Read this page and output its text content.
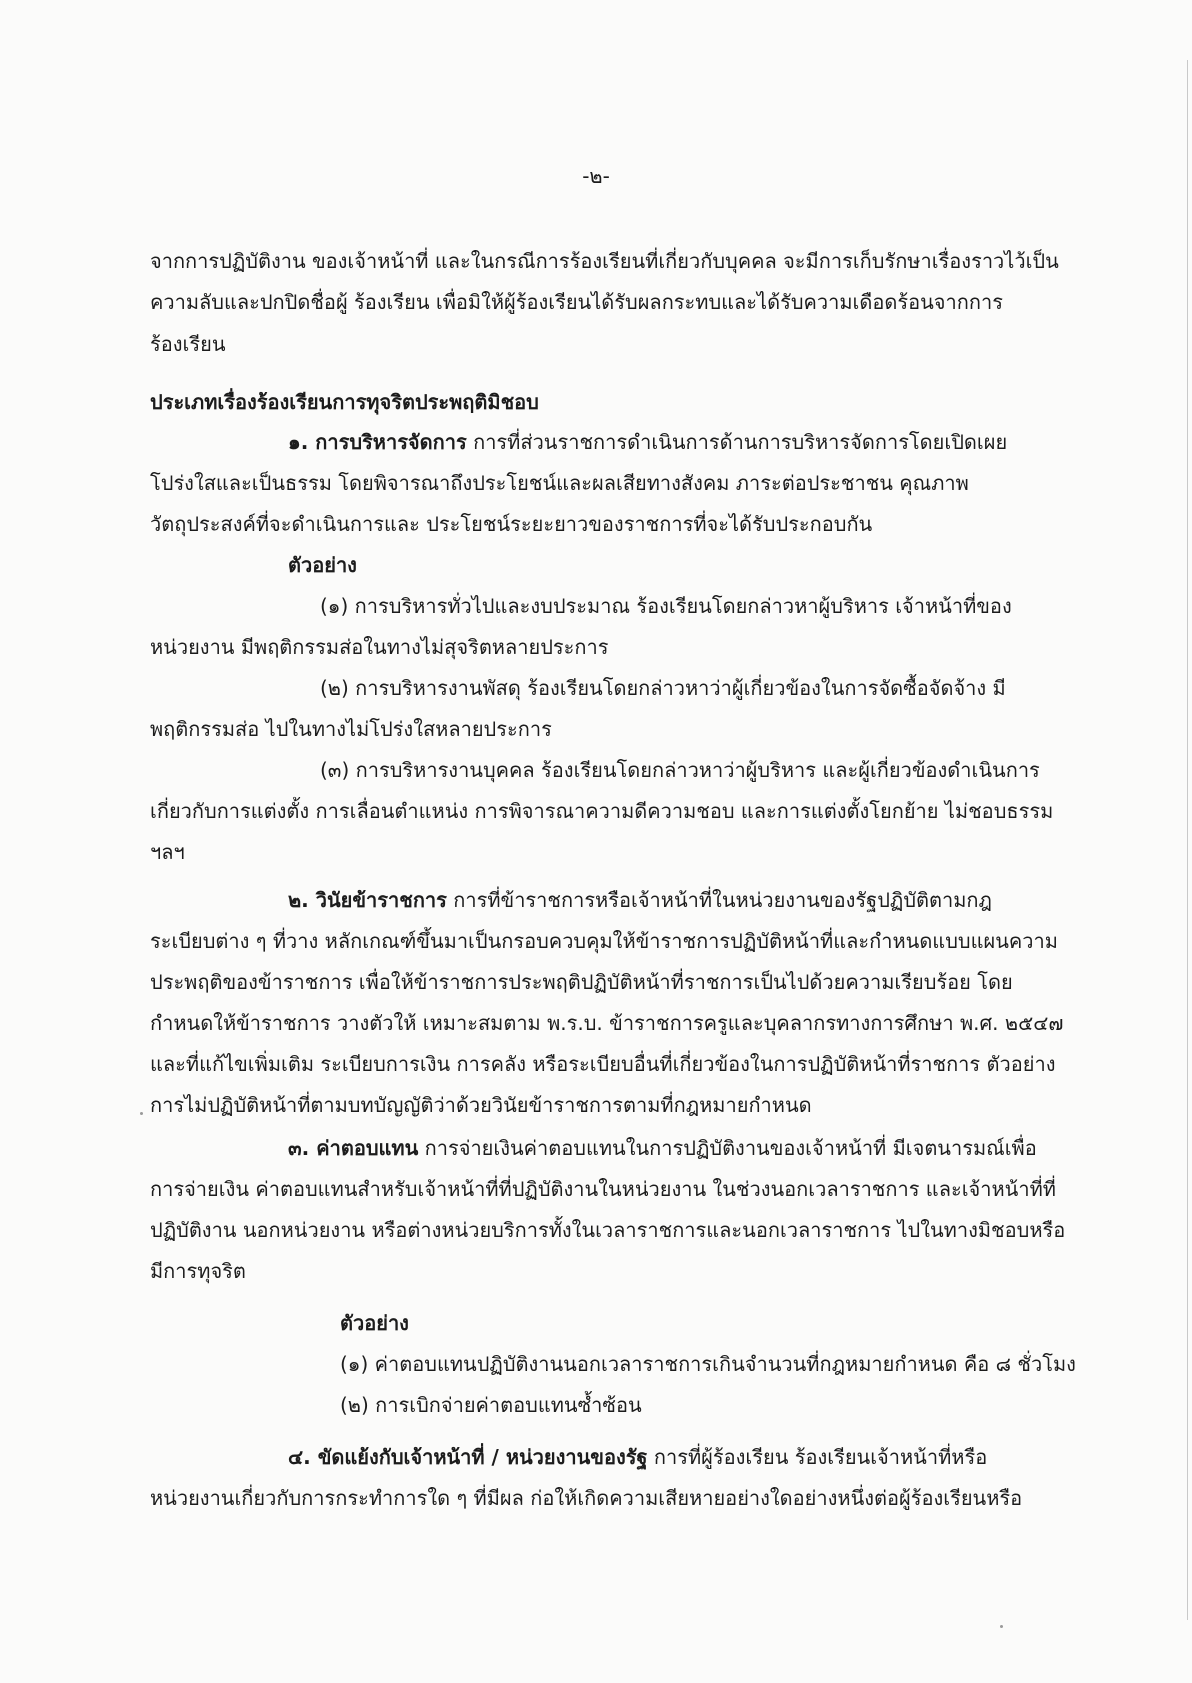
-๒-
จากการปฏิบัติงาน ของเจ้าหน้าที่ และในกรณีการร้องเรียนที่เกี่ยวกับบุคคล จะมีการเก็บรักษาเรื่องราวไว้เป็น
ความลับและปกปิดชื่อผู้ ร้องเรียน เพื่อมิให้ผู้ร้องเรียนได้รับผลกระทบและได้รับความเดือดร้อนจากการ
ร้องเรียน
ประเภทเรื่องร้องเรียนการทุจริตประพฤติมิชอบ
๑. การบริหารจัดการ การที่ส่วนราชการดำเนินการด้านการบริหารจัดการโดยเปิดเผย
โปร่งใสและเป็นธรรม โดยพิจารณาถึงประโยชน์และผลเสียทางสังคม ภาระต่อประชาชน คุณภาพ
วัตถุประสงค์ที่จะดำเนินการและ ประโยชน์ระยะยาวของราชการที่จะได้รับประกอบกัน
ตัวอย่าง
(๑) การบริหารทั่วไปและงบประมาณ ร้องเรียนโดยกล่าวหาผู้บริหาร เจ้าหน้าที่ของ
หน่วยงาน มีพฤติกรรมส่อในทางไม่สุจริตหลายประการ
(๒) การบริหารงานพัสดุ ร้องเรียนโดยกล่าวหาว่าผู้เกี่ยวข้องในการจัดซื้อจัดจ้าง มี
พฤติกรรมส่อ ไปในทางไม่โปร่งใสหลายประการ
(๓) การบริหารงานบุคคล ร้องเรียนโดยกล่าวหาว่าผู้บริหาร และผู้เกี่ยวข้องดำเนินการ
เกี่ยวกับการแต่งตั้ง การเลื่อนตำแหน่ง การพิจารณาความดีความชอบ และการแต่งตั้งโยกย้าย ไม่ชอบธรรม
ฯลฯ
๒. วินัยข้าราชการ การที่ข้าราชการหรือเจ้าหน้าที่ในหน่วยงานของรัฐปฏิบัติตามกฎ
ระเบียบต่าง ๆ ที่วาง หลักเกณฑ์ขึ้นมาเป็นกรอบควบคุมให้ข้าราชการปฏิบัติหน้าที่และกำหนดแบบแผนความ
ประพฤติของข้าราชการ เพื่อให้ข้าราชการประพฤติปฏิบัติหน้าที่ราชการเป็นไปด้วยความเรียบร้อย โดย
กำหนดให้ข้าราชการ วางตัวให้ เหมาะสมตาม พ.ร.บ. ข้าราชการครูและบุคลากรทางการศึกษา พ.ศ. ๒๕๔๗
และที่แก้ไขเพิ่มเติม ระเบียบการเงิน การคลัง หรือระเบียบอื่นที่เกี่ยวข้องในการปฏิบัติหน้าที่ราชการ ตัวอย่าง
การไม่ปฏิบัติหน้าที่ตามบทบัญญัติว่าด้วยวินัยข้าราชการตามที่กฎหมายกำหนด
๓. ค่าตอบแทน การจ่ายเงินค่าตอบแทนในการปฏิบัติงานของเจ้าหน้าที่ มีเจตนารมณ์เพื่อ
การจ่ายเงิน ค่าตอบแทนสำหรับเจ้าหน้าที่ที่ปฏิบัติงานในหน่วยงาน ในช่วงนอกเวลาราชการ และเจ้าหน้าที่ที่
ปฏิบัติงาน นอกหน่วยงาน หรือต่างหน่วยบริการทั้งในเวลาราชการและนอกเวลาราชการ ไปในทางมิชอบหรือ
มีการทุจริต
ตัวอย่าง
(๑) ค่าตอบแทนปฏิบัติงานนอกเวลาราชการเกินจำนวนที่กฎหมายกำหนด คือ ๘ ชั่วโมง
(๒) การเบิกจ่ายค่าตอบแทนซ้ำซ้อน
๔. ขัดแย้งกับเจ้าหน้าที่ / หน่วยงานของรัฐ การที่ผู้ร้องเรียน ร้องเรียนเจ้าหน้าที่หรือ
หน่วยงานเกี่ยวกับการกระทำการใด ๆ ที่มีผล ก่อให้เกิดความเสียหายอย่างใดอย่างหนึ่งต่อผู้ร้องเรียนหรือ
